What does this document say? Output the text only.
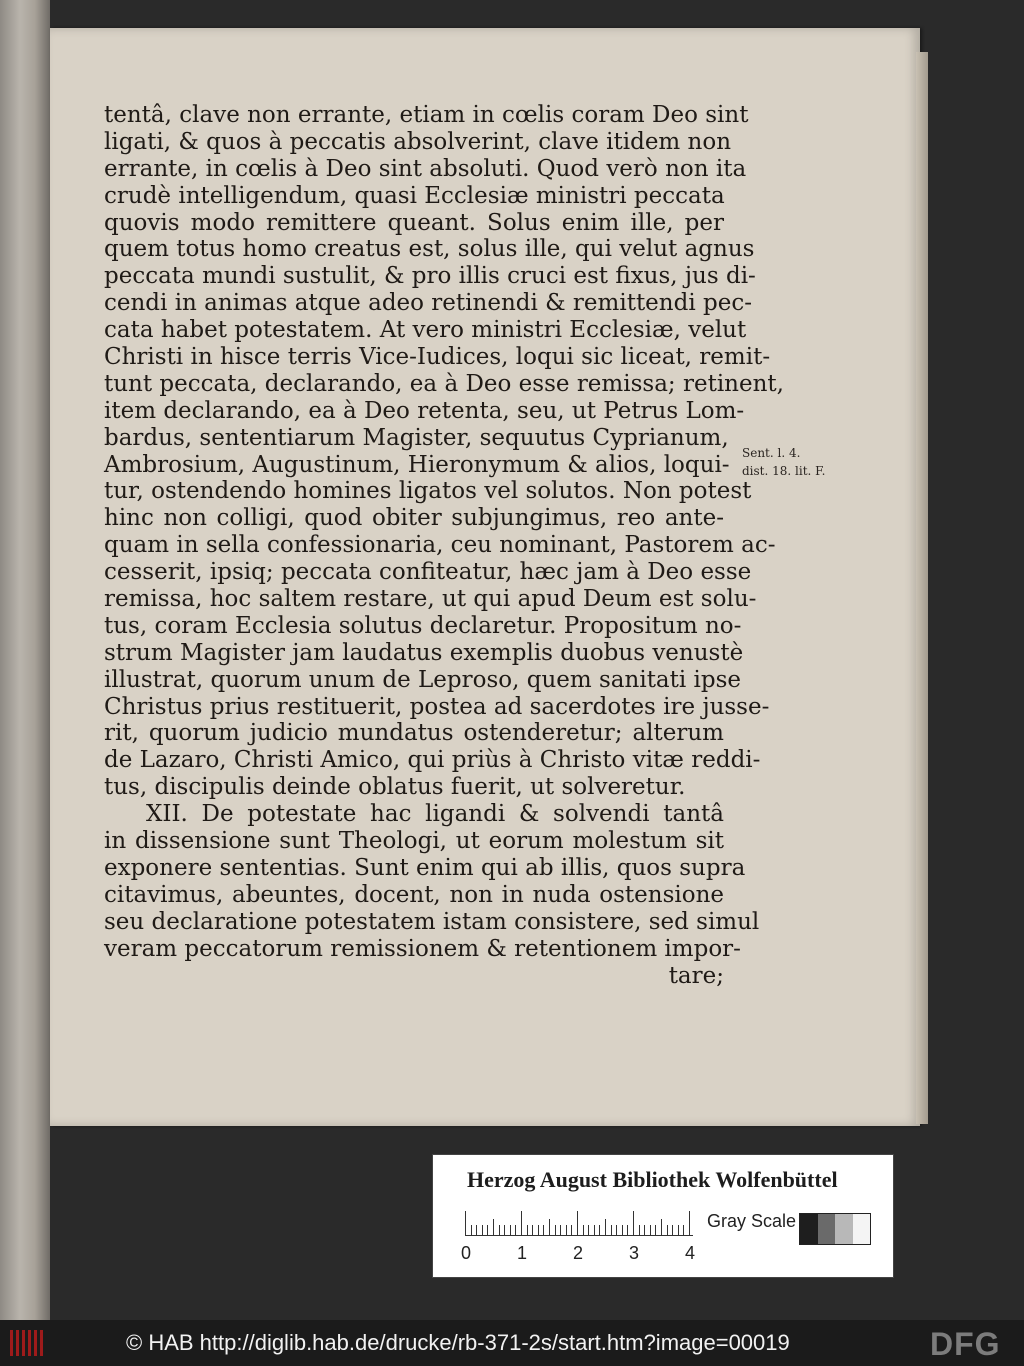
tentâ, clave non errante, etiam in cœlis coram Deo sint
ligati, & quos à peccatis absolverint, clave itidem non
errante, in cœlis à Deo sint absoluti. Quod verò non ita
crudè intelligendum, quasi Ecclesiæ ministri peccata
quovis modo remittere queant. Solus enim ille, per
quem totus homo creatus est, solus ille, qui velut agnus
peccata mundi sustulit, & pro illis cruci est fixus, jus di-
cendi in animas atque adeo retinendi & remittendi pec-
cata habet potestatem. At vero ministri Ecclesiæ, velut
Christi in hisce terris Vice-Iudices, loqui sic liceat, remit-
tunt peccata, declarando, ea à Deo esse remissa; retinent,
item declarando, ea à Deo retenta, seu, ut Petrus Lom-
bardus, sententiarum Magister, sequutus Cyprianum,
Ambrosium, Augustinum, Hieronymum & alios, loqui-
tur, ostendendo homines ligatos vel solutos. Non potest
hinc non colligi, quod obiter subjungimus, reo ante-
quam in sella confessionaria, ceu nominant, Pastorem ac-
cesserit, ipsiq; peccata confiteatur, hæc jam à Deo esse
remissa, hoc saltem restare, ut qui apud Deum est solu-
tus, coram Ecclesia solutus declaretur. Propositum no-
strum Magister jam laudatus exemplis duobus venustè
illustrat, quorum unum de Leproso, quem sanitati ipse
Christus prius restituerit, postea ad sacerdotes ire jusse-
rit, quorum judicio mundatus ostenderetur; alterum
de Lazaro, Christi Amico, qui priùs à Christo vitæ reddi-
tus, discipulis deinde oblatus fuerit, ut solveretur.
XII. De potestate hac ligandi & solvendi tantâ
in dissensione sunt Theologi, ut eorum molestum sit
exponere sententias. Sunt enim qui ab illis, quos supra
citavimus, abeuntes, docent, non in nuda ostensione
seu declaratione potestatem istam consistere, sed simul
veram peccatorum remissionem & retentionem impor-
tare;
Sent. l. 4.
dist. 18. lit. F.
Herzog August Bibliothek Wolfenbüttel
0	1	2	3	4
Gray Scale
© HAB http://diglib.hab.de/drucke/rb-371-2s/start.htm?image=00019	DFG
